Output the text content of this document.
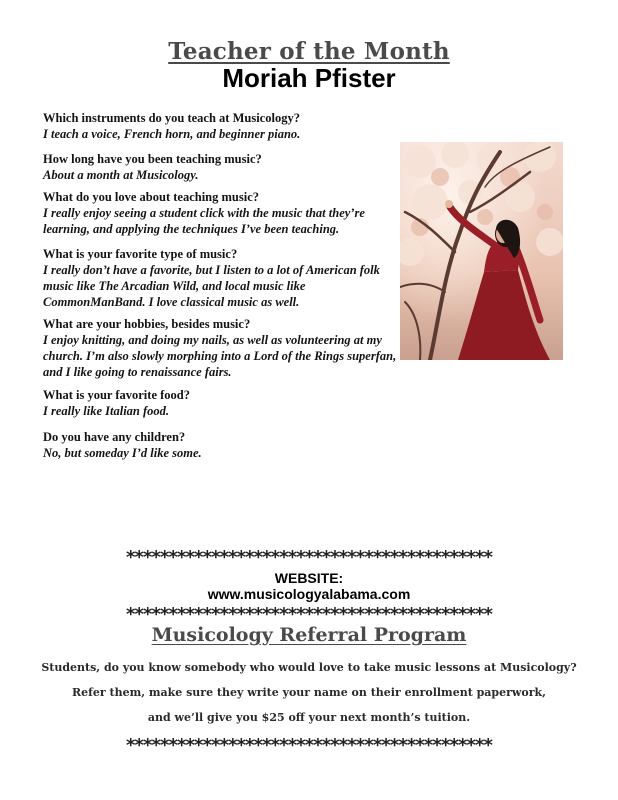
Teacher of the Month
Moriah Pfister
Which instruments do you teach at Musicology?
I teach a voice, French horn, and beginner piano.
How long have you been teaching music?
About a month at Musicology.
What do you love about teaching music?
I really enjoy seeing a student click with the music that they’re
learning, and applying the techniques I’ve been teaching.
What is your favorite type of music?
I really don’t have a favorite, but I listen to a lot of American folk
music like The Arcadian Wild, and local music like
CommonManBand. I love classical music as well.
What are your hobbies, besides music?
I enjoy knitting, and doing my nails, as well as volunteering at my
church. I’m also slowly morphing into a Lord of the Rings superfan,
and I like going to renaissance fairs.
What is your favorite food?
I really like Italian food.
Do you have any children?
No, but someday I’d like some.
*******************************************
WEBSITE:
www.musicologyalabama.com
*******************************************
Musicology Referral Program
Students, do you know somebody who would love to take music lessons at Musicology?
Refer them, make sure they write your name on their enrollment paperwork,
and we’ll give you $25 off your next month’s tuition.
*******************************************
